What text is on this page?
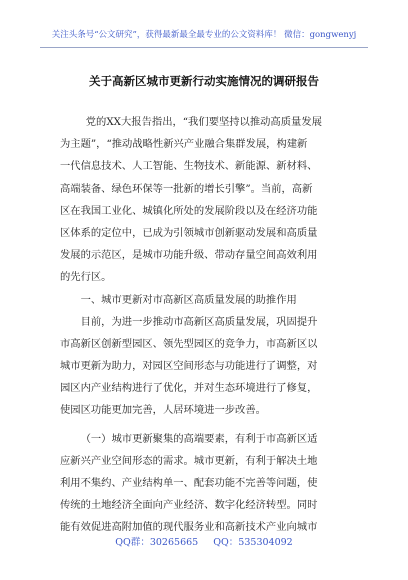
关注头条号“公文研究”，获得最新最全最专业的公文资料库！ 微信：gongwenyj
关于高新区城市更新行动实施情况的调研报告
党的XX大报告指出，“我们要坚持以推动高质量发展
为主题”，“推动战略性新兴产业融合集群发展，构建新
一代信息技术、人工智能、生物技术、新能源、新材料、
高端装备、绿色环保等一批新的增长引擎”。当前，高新
区在我国工业化、城镇化所处的发展阶段以及在经济功能
区体系的定位中，已成为引领城市创新驱动发展和高质量
发展的示范区，是城市功能升级、带动存量空间高效利用
的先行区。
一、城市更新对市高新区高质量发展的助推作用
目前，为进一步推动市高新区高质量发展，巩固提升
市高新区创新型园区、领先型园区的竞争力，市高新区以
城市更新为助力，对园区空间形态与功能进行了调整，对
园区内产业结构进行了优化，并对生态环境进行了修复，
使园区功能更加完善，人居环境进一步改善。
（一）城市更新聚集的高端要素，有利于市高新区适
应新兴产业空间形态的需求。城市更新，有利于解决土地
利用不集约、产业结构单一、配套功能不完善等问题，使
传统的土地经济全面向产业经济、数字化经济转型。同时
能有效促进高附加值的现代服务业和高新技术产业向城市
QQ群：30265665 QQ：535304092
